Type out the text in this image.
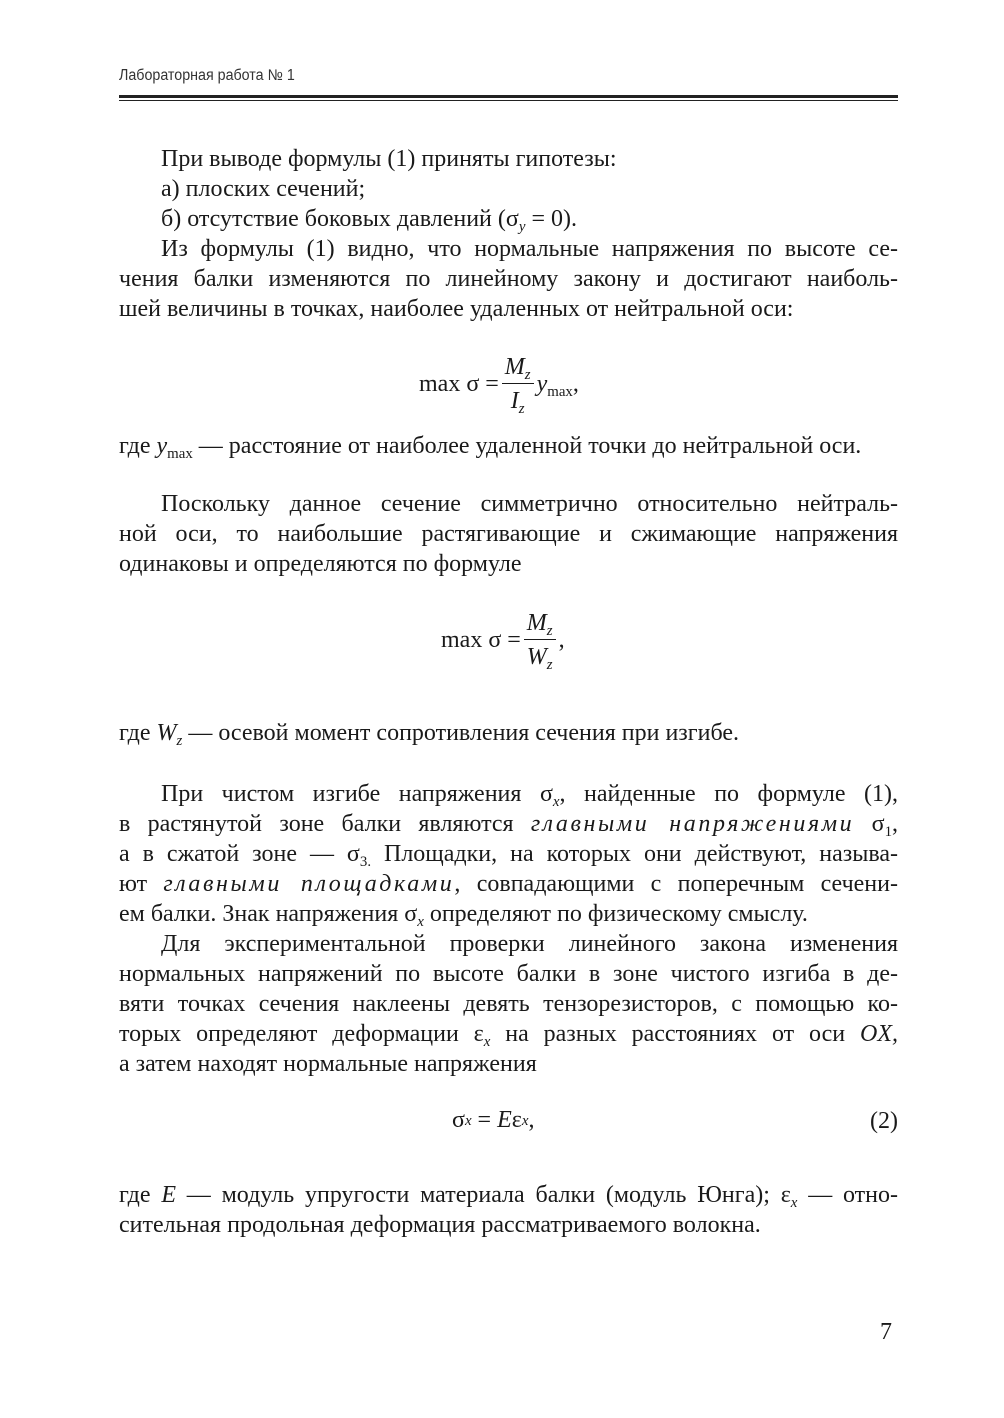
Лабораторная работа № 1
При выводе формулы (1) приняты гипотезы:
а) плоских сечений;
б) отсутствие боковых давлений $(\sigma_y = 0)$.
Из формулы (1) видно, что нормальные напряжения по высоте се-
чения балки изменяются по линейному закону и достигают наиболь-
шей величины в точках, наиболее удаленных от нейтральной оси:
$\max \sigma = \frac{M_z}{I_z} y_{max}$ ,
где $y_{max}$ — расстояние от наиболее удаленной точки до нейтральной оси.
Поскольку данное сечение симметрично относительно нейтраль-
ной оси, то наибольшие растягивающие и сжимающие напряжения
одинаковы и определяются по формуле
$\max \sigma = \frac{M_z}{W_z}$ ,
где $W_z$ — осевой момент сопротивления сечения при изгибе.
При чистом изгибе напряжения $\sigma_x$, найденные по формуле (1),
в растянутой зоне балки являются главными напряжениями $\sigma_1$,
а в сжатой зоне — $\sigma_{3.}$ Площадки, на которых они действуют, называ-
ют главными площадками, совпадающими с поперечным сечени-
ем балки. Знак напряжения $\sigma_x$ определяют по физическому смыслу.
Для экспериментальной проверки линейного закона изменения
нормальных напряжений по высоте балки в зоне чистого изгиба в де-
вяти точках сечения наклеены девять тензорезисторов, с помощью ко-
торых определяют деформации $\varepsilon_x$ на разных расстояниях от оси OX,
а затем находят нормальные напряжения
σ x = E ε x ,	(2)
где E — модуль упругости материала балки (модуль Юнга); $\varepsilon_x$ — отно-
сительная продольная деформация рассматриваемого волокна.
7
